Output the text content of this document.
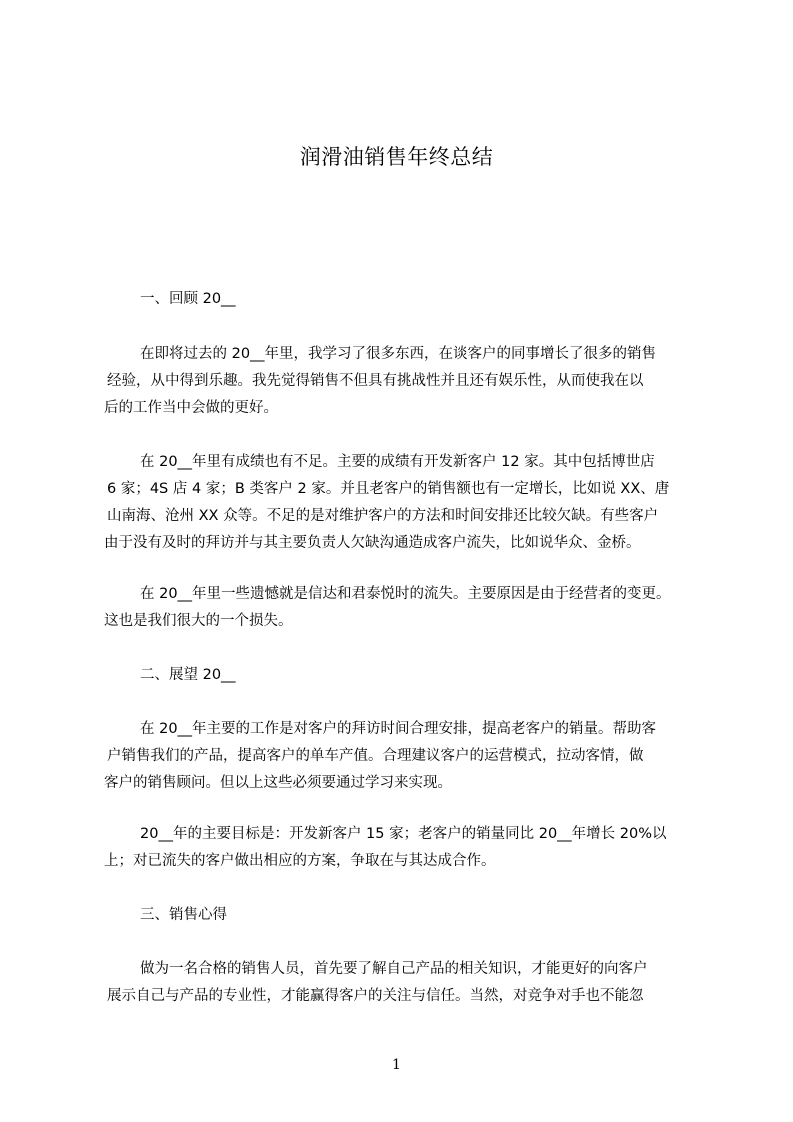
润滑油销售年终总结

一、回顾 20__

在即将过去的 20__年里，我学习了很多东西，在谈客户的同事增长了很多的销售

经验，从中得到乐趣。我先觉得销售不但具有挑战性并且还有娱乐性，从而使我在以

后的工作当中会做的更好。

在 20__年里有成绩也有不足。主要的成绩有开发新客户 12 家。其中包括博世店

6 家；4S 店 4 家；B 类客户 2 家。并且老客户的销售额也有一定增长，比如说 XX、唐

山南海、沧州 XX 众等。不足的是对维护客户的方法和时间安排还比较欠缺。有些客户

由于没有及时的拜访并与其主要负责人欠缺沟通造成客户流失，比如说华众、金桥。

在 20__年里一些遗憾就是信达和君泰悦时的流失。主要原因是由于经营者的变更。

这也是我们很大的一个损失。

二、展望 20__

在 20__年主要的工作是对客户的拜访时间合理安排，提高老客户的销量。帮助客

户销售我们的产品，提高客户的单车产值。合理建议客户的运营模式，拉动客情，做

客户的销售顾问。但以上这些必须要通过学习来实现。

20__年的主要目标是：开发新客户 15 家；老客户的销量同比 20__年增长 20%以

上；对已流失的客户做出相应的方案，争取在与其达成合作。

三、销售心得

做为一名合格的销售人员，首先要了解自己产品的相关知识，才能更好的向客户

展示自己与产品的专业性，才能赢得客户的关注与信任。当然，对竞争对手也不能忽

1
